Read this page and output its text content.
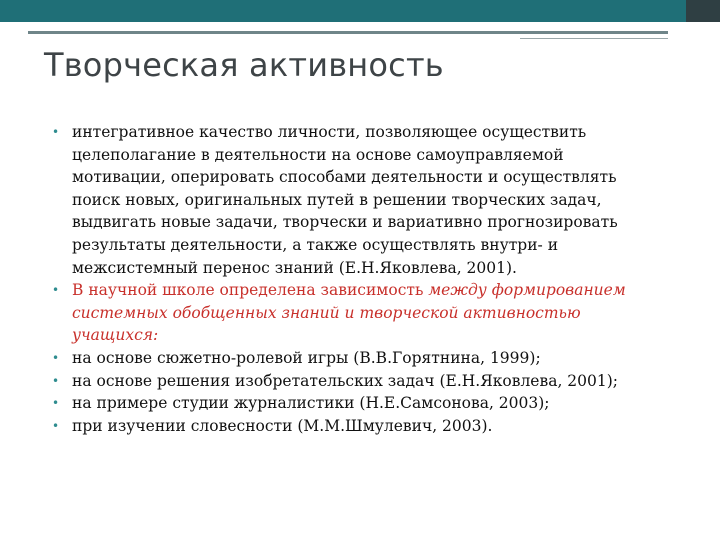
Творческая активность
• интегративное качество личности, позволяющее осуществить целеполагание в деятельности на основе самоуправляемой мотивации, оперировать способами деятельности и осуществлять поиск новых, оригинальных путей в решении творческих задач, выдвигать новые задачи, творчески и вариативно прогнозировать результаты деятельности, а также осуществлять внутри- и межсистемный перенос знаний (Е.Н.Яковлева, 2001).
• В научной школе определена зависимость между формированием системных обобщенных знаний и творческой активностью учащихся:
• на основе сюжетно-ролевой игры (В.В.Горятнина, 1999);
• на основе решения изобретательских задач (Е.Н.Яковлева, 2001);
• на примере студии журналистики (Н.Е.Самсонова, 2003);
• при изучении словесности (М.М.Шмулевич, 2003).
